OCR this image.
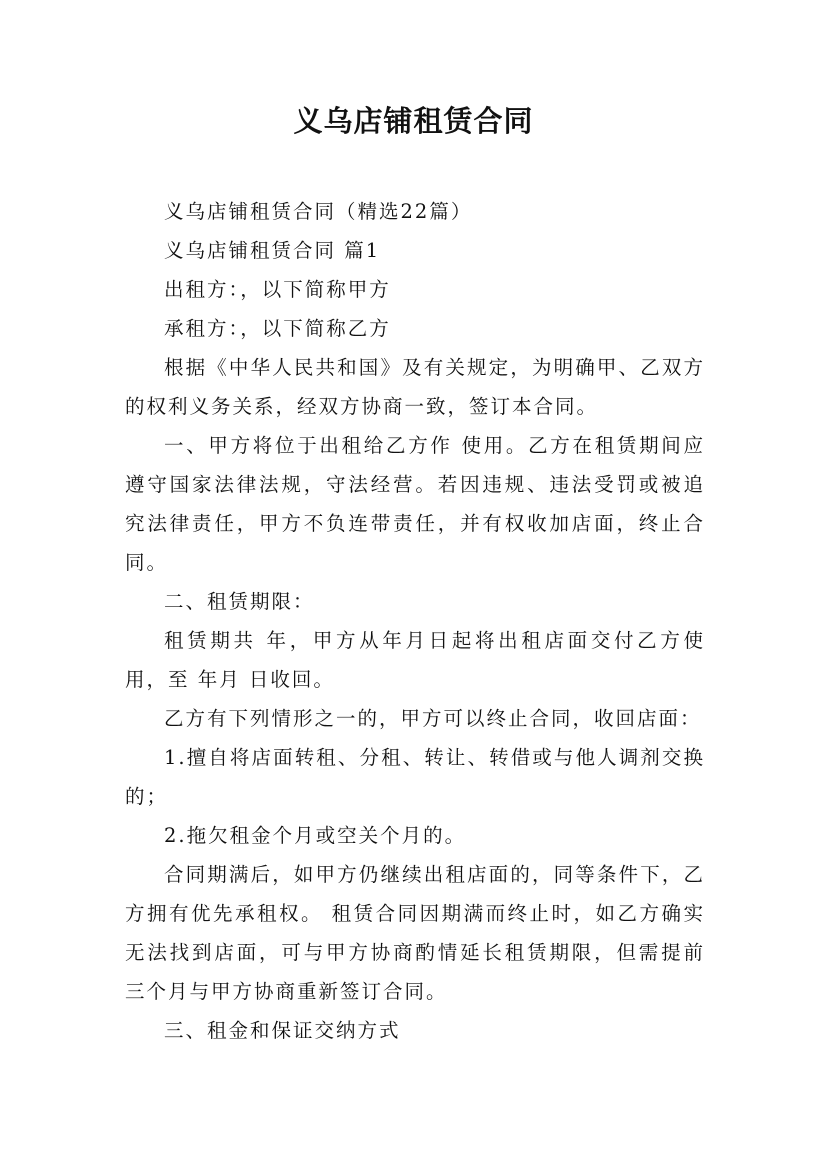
义乌店铺租赁合同

义乌店铺租赁合同（精选22篇）

义乌店铺租赁合同 篇1

出租方：，以下简称甲方

承租方：，以下简称乙方

根据《中华人民共和国》及有关规定，为明确甲、乙双方的权利义务关系，经双方协商一致，签订本合同。

一、甲方将位于出租给乙方作 使用。乙方在租赁期间应遵守国家法律法规，守法经营。若因违规、违法受罚或被追究法律责任，甲方不负连带责任，并有权收加店面，终止合同。

二、租赁期限：

租赁期共 年，甲方从年月日起将出租店面交付乙方使用，至 年月 日收回。

乙方有下列情形之一的，甲方可以终止合同，收回店面：

1.擅自将店面转租、分租、转让、转借或与他人调剂交换的；

2.拖欠租金个月或空关个月的。

合同期满后，如甲方仍继续出租店面的，同等条件下，乙方拥有优先承租权。 租赁合同因期满而终止时，如乙方确实无法找到店面，可与甲方协商酌情延长租赁期限，但需提前三个月与甲方协商重新签订合同。

三、租金和保证交纳方式
